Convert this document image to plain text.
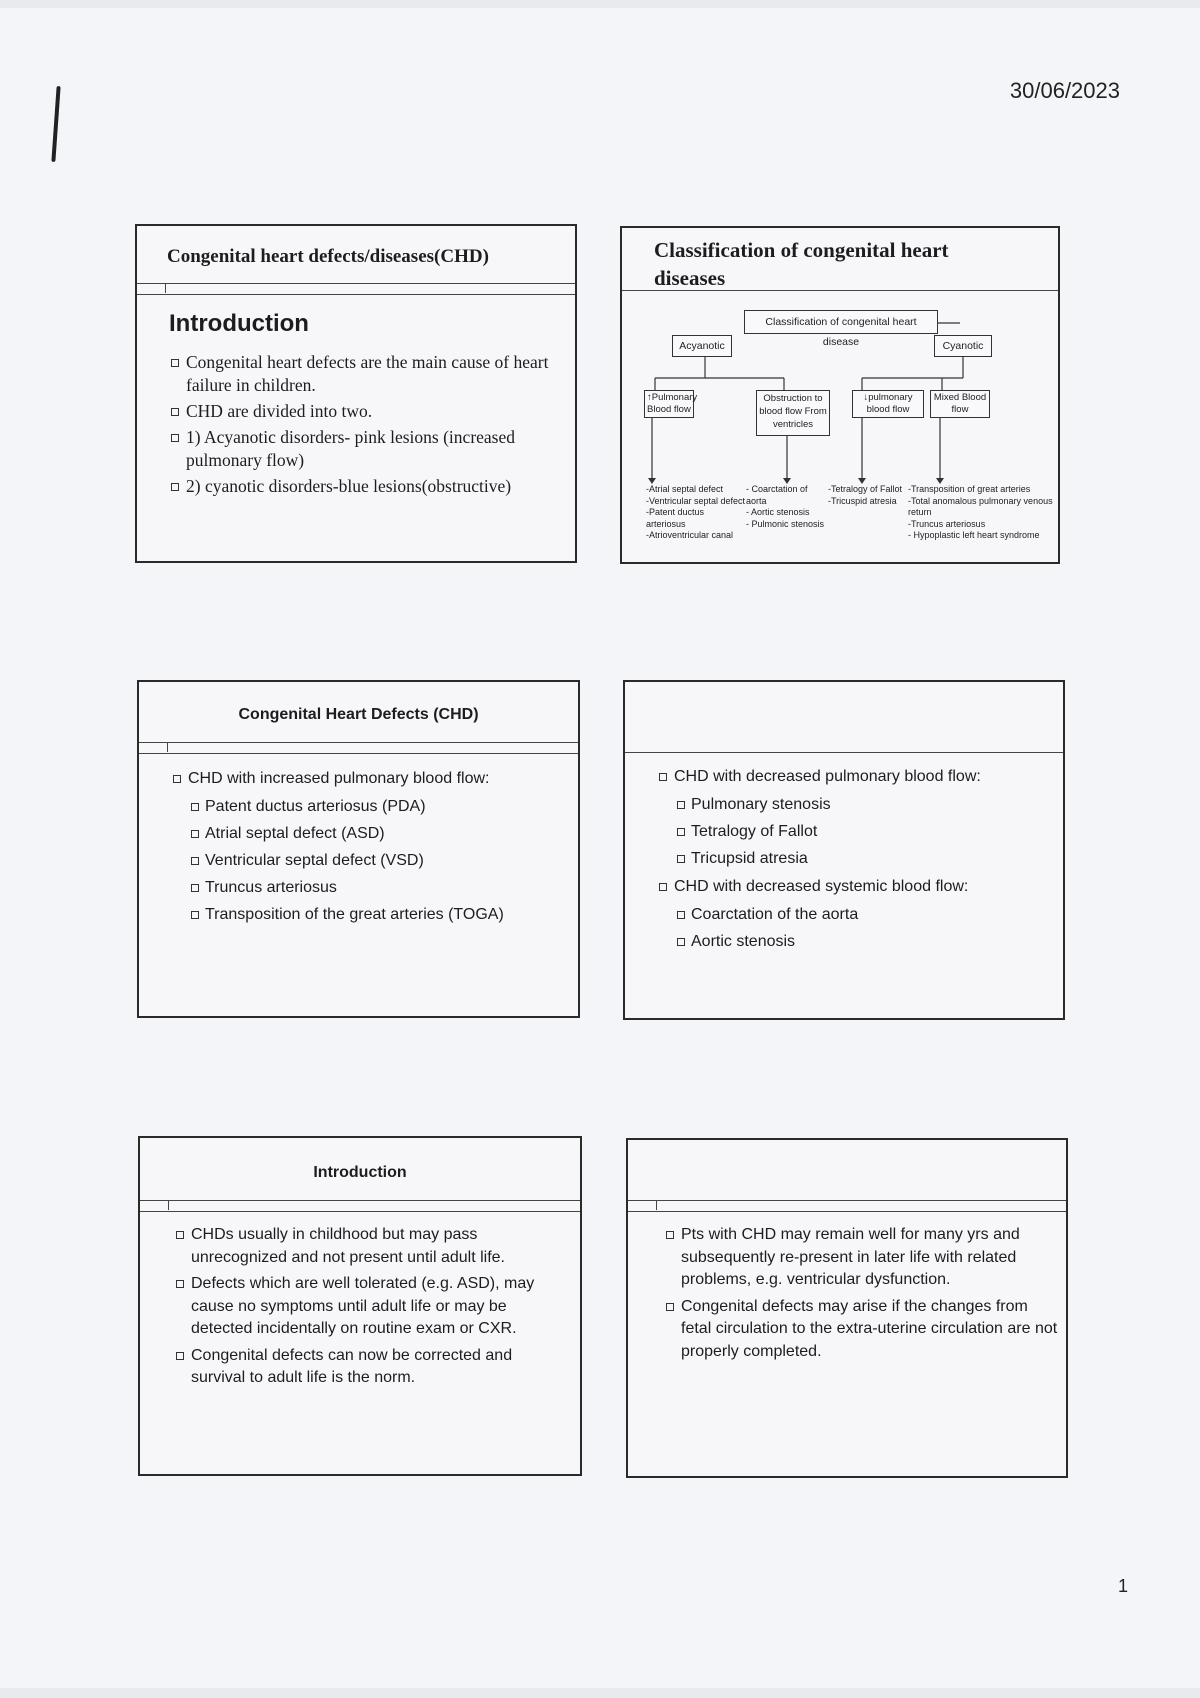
30/06/2023
Congenital heart defects/diseases(CHD)
Introduction
Congenital heart defects are the main cause of heart failure in children.
CHD are divided into two.
1) Acyanotic disorders- pink lesions (increased pulmonary flow)
2) cyanotic disorders-blue lesions(obstructive)
Classification of congenital heart diseases
Classification of congenital heart disease
Acyanotic	Cyanotic
↑Pulmonary Blood flow
Obstruction to blood flow From ventricles
↓pulmonary blood flow
Mixed Blood flow
-Atrial septal defect
-Ventricular septal defect
-Patent ductus arteriosus
-Atrioventricular canal
- Coarctation of aorta
- Aortic stenosis
- Pulmonic stenosis
-Tetralogy of Fallot
-Tricuspid atresia
-Transposition of great arteries
-Total anomalous pulmonary venous return
-Truncus arteriosus
- Hypoplastic left heart syndrome
Congenital Heart Defects (CHD)
CHD with increased pulmonary blood flow:
Patent ductus arteriosus (PDA)
Atrial septal defect (ASD)
Ventricular septal defect (VSD)
Truncus arteriosus
Transposition of the great arteries (TOGA)
CHD with decreased pulmonary blood flow:
Pulmonary stenosis
Tetralogy of Fallot
Tricupsid atresia
CHD with decreased systemic blood flow:
Coarctation of the aorta
Aortic stenosis
Introduction
CHDs usually in childhood but may pass unrecognized and not present until adult life.
Defects which are well tolerated (e.g. ASD), may cause no symptoms until adult life or may be detected incidentally on routine exam or CXR.
Congenital defects can now be corrected and survival to adult life is the norm.
Pts with CHD may remain well for many yrs and subsequently re-present in later life with related problems, e.g. ventricular dysfunction.
Congenital defects may arise if the changes from fetal circulation to the extra-uterine circulation are not properly completed.
1
